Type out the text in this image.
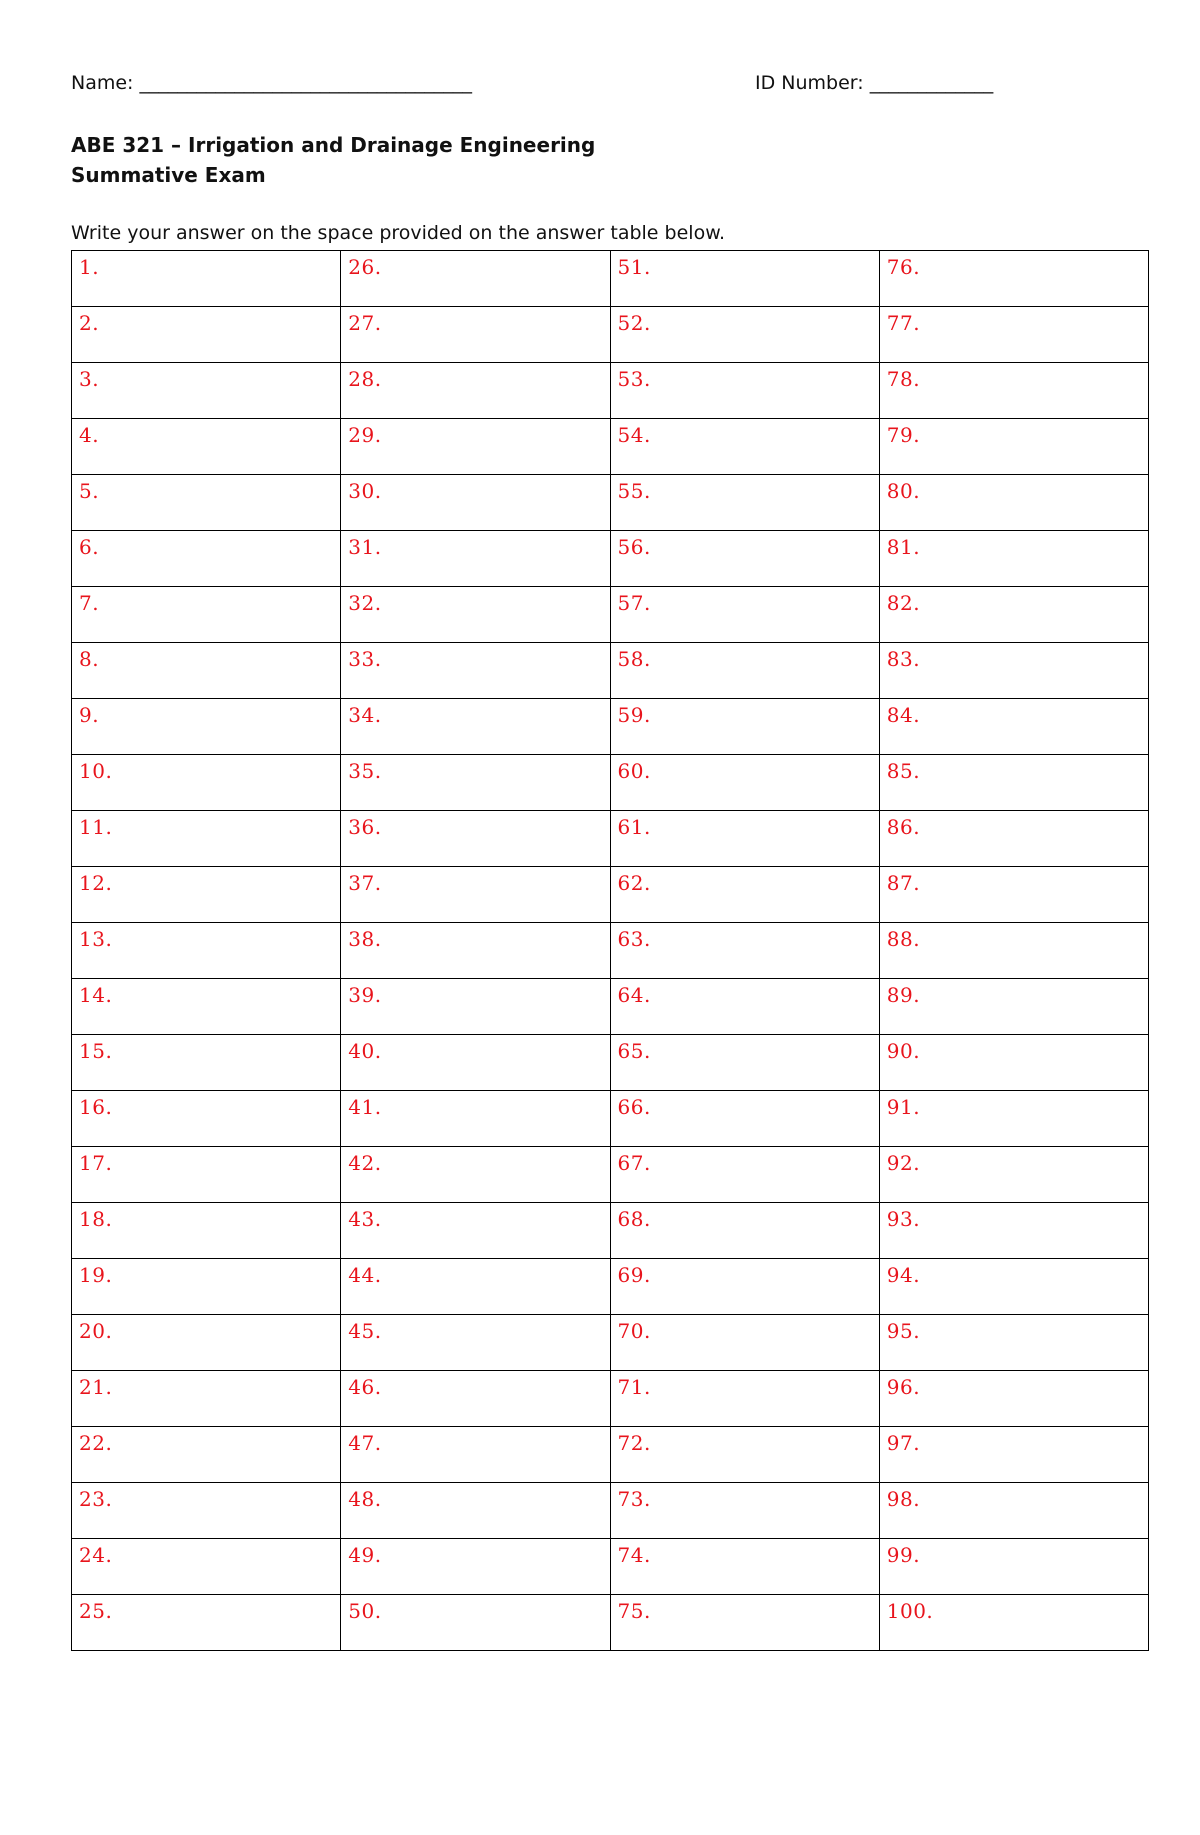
Name: ___________________________________	ID Number: _____________
ABE 321 – Irrigation and Drainage Engineering
Summative Exam
Write your answer on the space provided on the answer table below.
1.	26.	51.	76.

2.	27.	52.	77.

3.	28.	53.	78.

4.	29.	54.	79.

5.	30.	55.	80.

6.	31.	56.	81.

7.	32.	57.	82.

8.	33.	58.	83.

9.	34.	59.	84.

10.	35.	60.	85.

11.	36.	61.	86.

12.	37.	62.	87.

13.	38.	63.	88.

14.	39.	64.	89.

15.	40.	65.	90.

16.	41.	66.	91.

17.	42.	67.	92.

18.	43.	68.	93.

19.	44.	69.	94.

20.	45.	70.	95.

21.	46.	71.	96.

22.	47.	72.	97.

23.	48.	73.	98.

24.	49.	74.	99.

25.	50.	75.	100.
